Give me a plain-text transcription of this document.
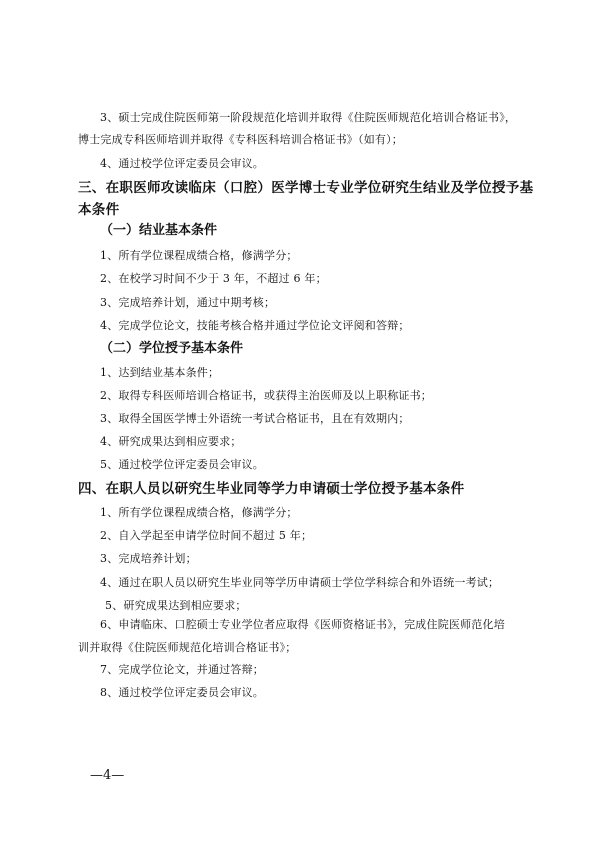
3、硕士完成住院医师第一阶段规范化培训并取得《住院医师规范化培训合格证书》，
博士完成专科医师培训并取得《专科医科培训合格证书》（如有）；
4、通过校学位评定委员会审议。
三、在职医师攻读临床（口腔）医学博士专业学位研究生结业及学位授予基本条件
（一）结业基本条件
1、所有学位课程成绩合格，修满学分；
2、在校学习时间不少于 3 年，不超过 6 年；
3、完成培养计划，通过中期考核；
4、完成学位论文，技能考核合格并通过学位论文评阅和答辩；
（二）学位授予基本条件
1、达到结业基本条件；
2、取得专科医师培训合格证书，或获得主治医师及以上职称证书；
3、取得全国医学博士外语统一考试合格证书，且在有效期内；
4、研究成果达到相应要求；
5、通过校学位评定委员会审议。
四、在职人员以研究生毕业同等学力申请硕士学位授予基本条件
1、所有学位课程成绩合格，修满学分；
2、自入学起至申请学位时间不超过 5 年；
3、完成培养计划；
4、通过在职人员以研究生毕业同等学历申请硕士学位学科综合和外语统一考试；
5、研究成果达到相应要求；
6、申请临床、口腔硕士专业学位者应取得《医师资格证书》，完成住院医师范化培
训并取得《住院医师规范化培训合格证书》；
7、完成学位论文，并通过答辩；
8、通过校学位评定委员会审议。
—4—
